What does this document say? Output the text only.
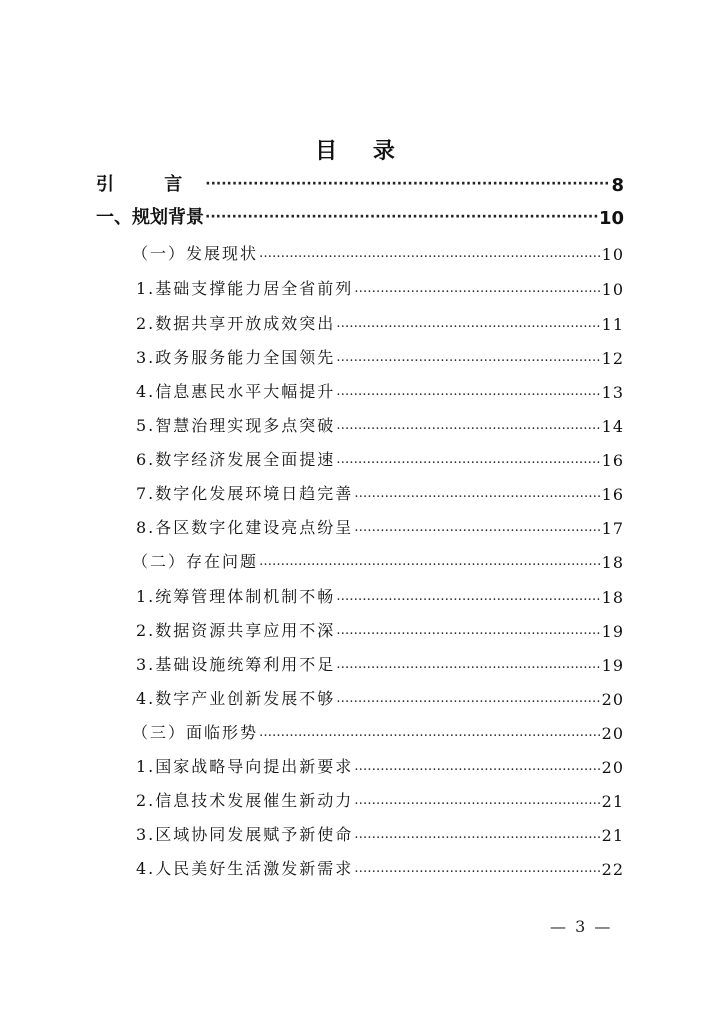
目 录
引 言 ·····	8
一、规划背景 ·····	10
（一）发展现状 ……………………………………………………………………………………………………………………………………………………………………	10
1.基础支撑能力居全省前列 ……………………………………………………………………………………………………………………………………………………………………	10
2.数据共享开放成效突出 ……………………………………………………………………………………………………………………………………………………………………	11
3.政务服务能力全国领先 ……………………………………………………………………………………………………………………………………………………………………	12
4.信息惠民水平大幅提升 ……………………………………………………………………………………………………………………………………………………………………	13
5.智慧治理实现多点突破 ……………………………………………………………………………………………………………………………………………………………………	14
6.数字经济发展全面提速 ……………………………………………………………………………………………………………………………………………………………………	16
7.数字化发展环境日趋完善 ……………………………………………………………………………………………………………………………………………………………………	16
8.各区数字化建设亮点纷呈 ……………………………………………………………………………………………………………………………………………………………………	17
（二）存在问题 ……………………………………………………………………………………………………………………………………………………………………	18
1.统筹管理体制机制不畅 ……………………………………………………………………………………………………………………………………………………………………	18
2.数据资源共享应用不深 ……………………………………………………………………………………………………………………………………………………………………	19
3.基础设施统筹利用不足 ……………………………………………………………………………………………………………………………………………………………………	19
4.数字产业创新发展不够 ……………………………………………………………………………………………………………………………………………………………………	20
（三）面临形势 ……………………………………………………………………………………………………………………………………………………………………	20
1.国家战略导向提出新要求 ……………………………………………………………………………………………………………………………………………………………………	20
2.信息技术发展催生新动力 ……………………………………………………………………………………………………………………………………………………………………	21
3.区域协同发展赋予新使命 ……………………………………………………………………………………………………………………………………………………………………	21
4.人民美好生活激发新需求 ……………………………………………………………………………………………………………………………………………………………………	22
— 3 —
